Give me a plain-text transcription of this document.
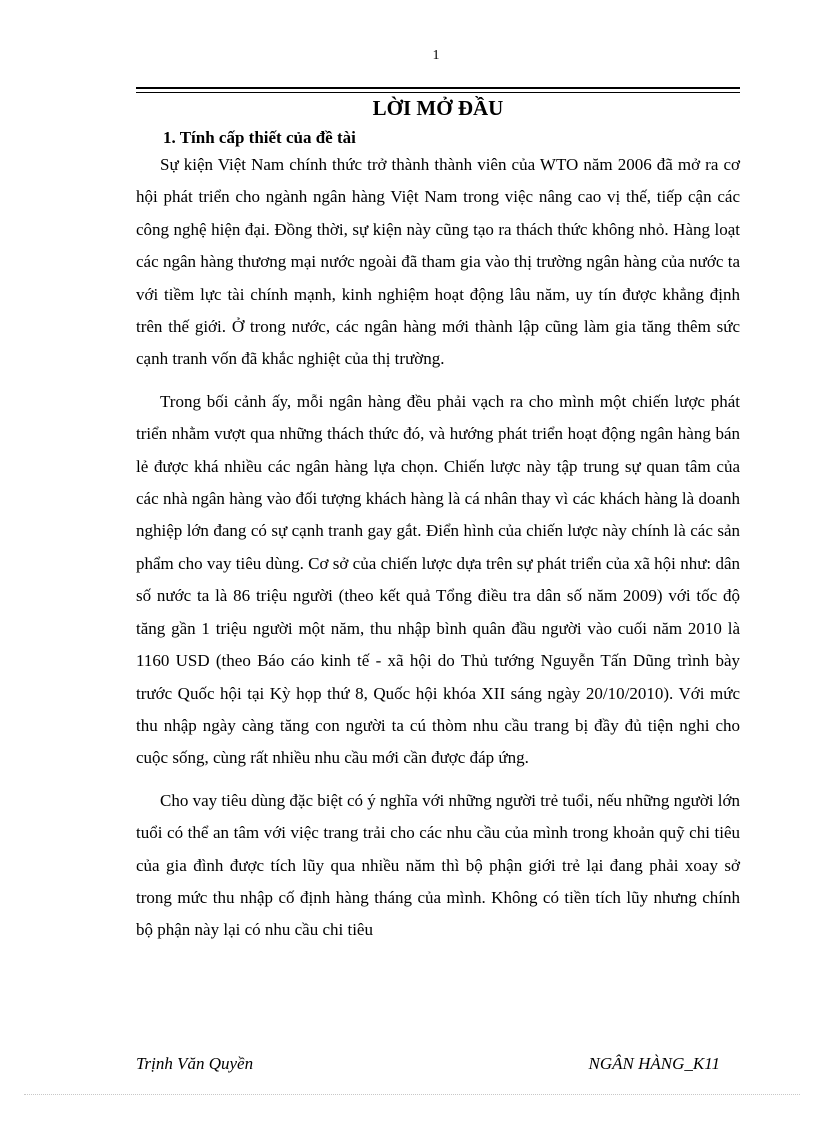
1
LỜI MỞ ĐẦU
1. Tính cấp thiết của đề tài

Sự kiện Việt Nam chính thức trở thành thành viên của WTO năm 2006 đã mở ra cơ hội phát triển cho ngành ngân hàng Việt Nam trong việc nâng cao vị thế, tiếp cận các công nghệ hiện đại. Đồng thời, sự kiện này cũng tạo ra thách thức không nhỏ. Hàng loạt các ngân hàng thương mại nước ngoài đã tham gia vào thị trường ngân hàng của nước ta với tiềm lực tài chính mạnh, kinh nghiệm hoạt động lâu năm, uy tín được khẳng định trên thế giới. Ở trong nước, các ngân hàng mới thành lập cũng làm gia tăng thêm sức cạnh tranh vốn đã khắc nghiệt của thị trường.

Trong bối cảnh ấy, mỗi ngân hàng đều phải vạch ra cho mình một chiến lược phát triển nhằm vượt qua những thách thức đó, và hướng phát triển hoạt động ngân hàng bán lẻ được khá nhiều các ngân hàng lựa chọn. Chiến lược này tập trung sự quan tâm của các nhà ngân hàng vào đối tượng khách hàng là cá nhân thay vì các khách hàng là doanh nghiệp lớn đang có sự cạnh tranh gay gắt. Điển hình của chiến lược này chính là các sản phẩm cho vay tiêu dùng. Cơ sở của chiến lược dựa trên sự phát triển của xã hội như: dân số nước ta là 86 triệu người (theo kết quả Tổng điều tra dân số năm 2009) với tốc độ tăng gần 1 triệu người một năm, thu nhập bình quân đầu người vào cuối năm 2010 là 1160 USD (theo Báo cáo kinh tế - xã hội do Thủ tướng Nguyễn Tấn Dũng trình bày trước Quốc hội tại Kỳ họp thứ 8, Quốc hội khóa XII sáng ngày 20/10/2010). Với mức thu nhập ngày càng tăng con người ta cú thòm nhu cầu trang bị đầy đủ tiện nghi cho cuộc sống, cùng rất nhiều nhu cầu mới cần được đáp ứng.

Cho vay tiêu dùng đặc biệt có ý nghĩa với những người trẻ tuổi, nếu những người lớn tuổi có thể an tâm với việc trang trải cho các nhu cầu của mình trong khoản quỹ chi tiêu của gia đình được tích lũy qua nhiều năm thì bộ phận giới trẻ lại đang phải xoay sở trong mức thu nhập cố định hàng tháng của mình. Không có tiền tích lũy nhưng chính bộ phận này lại có nhu cầu chi tiêu

Trịnh Văn Quyền	NGÂN HÀNG_K11
